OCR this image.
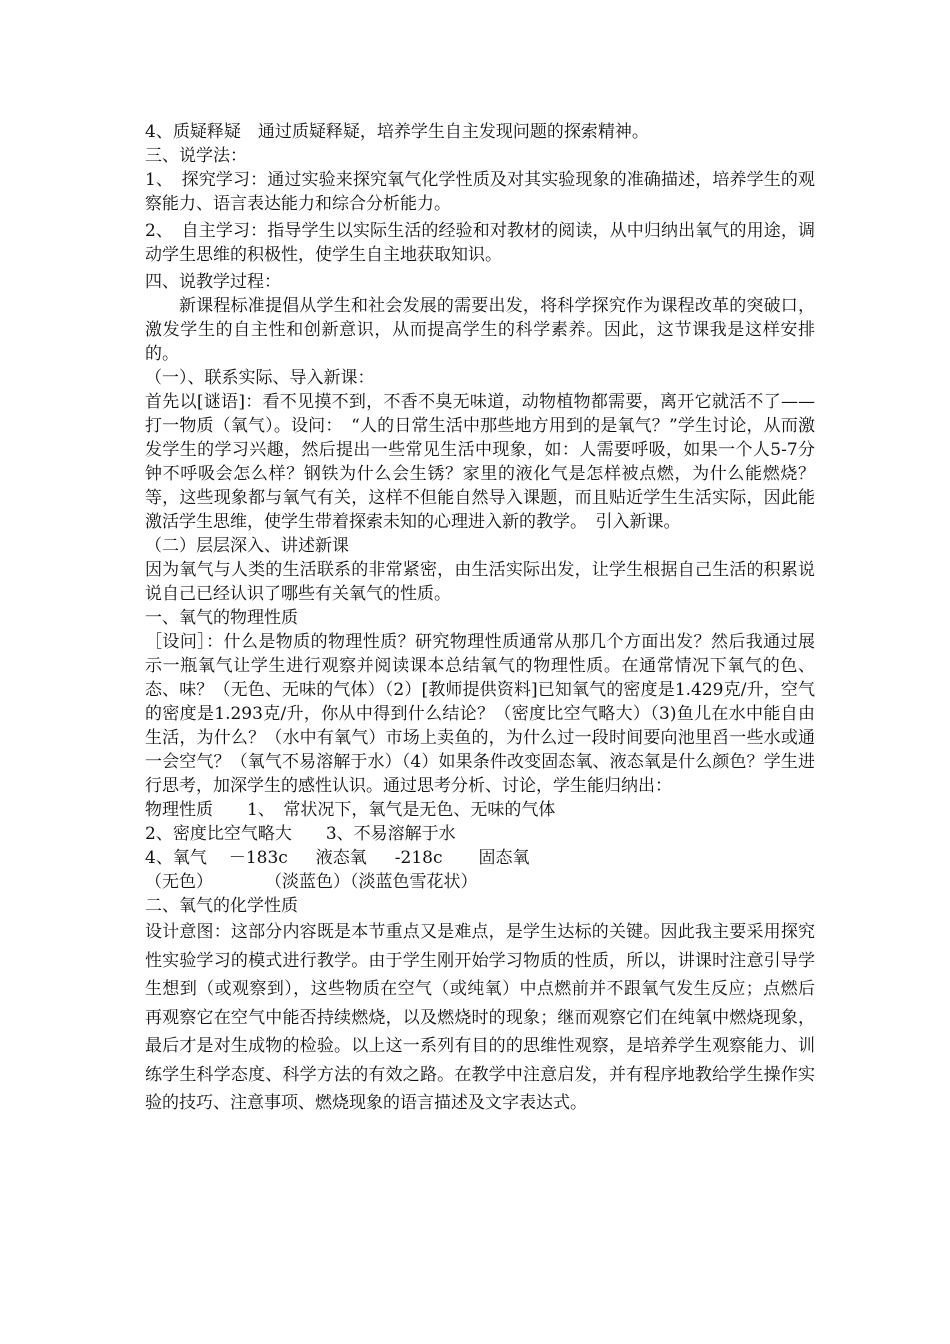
4、质疑释疑　通过质疑释疑，培养学生自主发现问题的探索精神。
三、说学法：

1、　探究学习：通过实验来探究氧气化学性质及对其实验现象的准确描述，培养学生的观察能力、语言表达能力和综合分析能力。

2、　自主学习：指导学生以实际生活的经验和对教材的阅读，从中归纳出氧气的用途，调动学生思维的积极性，使学生自主地获取知识。

四、说教学过程：

新课程标准提倡从学生和社会发展的需要出发，将科学探究作为课程改革的突破口，激发学生的自主性和创新意识，从而提高学生的科学素养。因此，这节课我是这样安排的。

（一）、联系实际、导入新课：

首先以[谜语]：看不见摸不到，不香不臭无味道，动物植物都需要，离开它就活不了——打一物质（氧气）。设问：　“人的日常生活中那些地方用到的是氧气？”学生讨论，从而激发学生的学习兴趣，然后提出一些常见生活中现象，如：人需要呼吸，如果一个人5-7分钟不呼吸会怎么样？钢铁为什么会生锈？家里的液化气是怎样被点燃，为什么能燃烧？等，这些现象都与氧气有关，这样不但能自然导入课题，而且贴近学生生活实际，因此能激活学生思维，使学生带着探索未知的心理进入新的教学。　引入新课。

（二）层层深入、讲述新课

因为氧气与人类的生活联系的非常紧密，由生活实际出发，让学生根据自己生活的积累说说自己已经认识了哪些有关氧气的性质。

一、氧气的物理性质

［设问］：什么是物质的物理性质？研究物理性质通常从那几个方面出发？然后我通过展示一瓶氧气让学生进行观察并阅读课本总结氧气的物理性质。在通常情况下氧气的色、态、味？（无色、无味的气体）（2）[教师提供资料]已知氧气的密度是1.429克/升，空气的密度是1.293克/升，你从中得到什么结论？（密度比空气略大）（3)鱼儿在水中能自由生活，为什么？（水中有氧气）市场上卖鱼的，为什么过一段时间要向池里舀一些水或通一会空气？（氧气不易溶解于水）（4）如果条件改变固态氧、液态氧是什么颜色？学生进行思考，加深学生的感性认识。通过思考分析、讨论，学生能归纳出：

物理性质 1、　常状况下，氧气是无色、无味的气体
2、密度比空气略大 3、不易溶解于水
4、氧气 －183c 液态氧 -218c 固态氧
（无色）	（淡蓝色）（淡蓝色雪花状）
二、氧气的化学性质

设计意图：这部分内容既是本节重点又是难点，是学生达标的关键。因此我主要采用探究性实验学习的模式进行教学。由于学生刚开始学习物质的性质，所以，讲课时注意引导学生想到（或观察到），这些物质在空气（或纯氧）中点燃前并不跟氧气发生反应；点燃后再观察它在空气中能否持续燃烧，以及燃烧时的现象；继而观察它们在纯氧中燃烧现象，最后才是对生成物的检验。以上这一系列有目的的思维性观察，是培养学生观察能力、训练学生科学态度、科学方法的有效之路。在教学中注意启发，并有程序地教给学生操作实验的技巧、注意事项、燃烧现象的语言描述及文字表达式。
